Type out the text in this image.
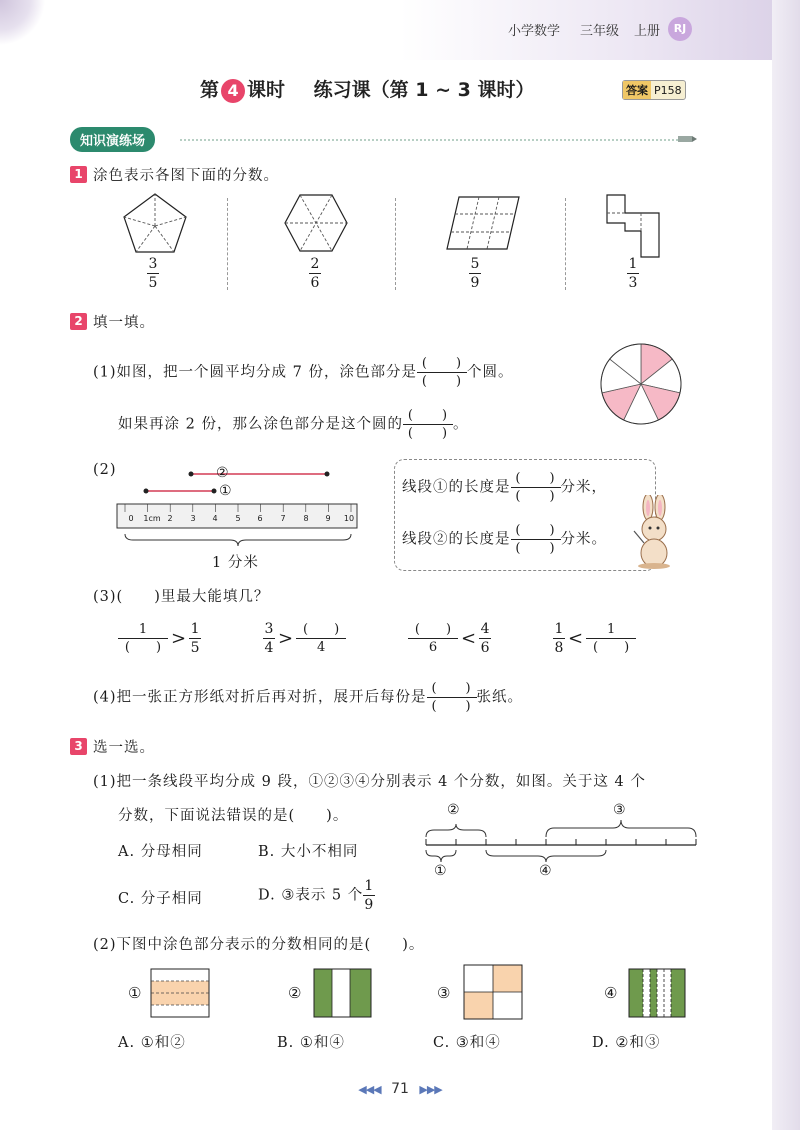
小学数学 三年级 上册	RJ
第 4 课时 练习课（第 1 ~ 3 课时）	答案 P158
知识演练场
1 涂色表示各图下面的分数。
3
5
2
6
5
9
1
3
2 填一填。
(1)如图，把一个圆平均分成 7 份，涂色部分是 $\frac{( )}{( )}$ 个圆。
如果再涂 2 份，那么涂色部分是这个圆的 $\frac{( )}{( )}$ 。
(2)	②
①
0	1cm 2	3	4	5	6	7	8	9	10
1 分米
线段①的长度是 $\frac{( )}{( )}$ 分米，
线段②的长度是 $\frac{( )}{( )}$ 分米。
(3)(　　)里最大能填几？
$\frac{1}{( )} > \frac{1}{5}$	$\frac{3}{4} > \frac{( )}{4}$	$\frac{( )}{6} < \frac{4}{6}$	$\frac{1}{8} < \frac{1}{( )}$
(4)把一张正方形纸对折后再对折，展开后每份是 $\frac{( )}{( )}$ 张纸。
3 选一选。
(1)把一条线段平均分成 9 段，①②③④分别表示 4 个分数，如图。关于这 4 个
分数，下面说法错误的是(　　)。
A. 分母相同	B. 大小不相同
C. 分子相同	D. ③表示 5 个 $\frac{1}{9}$
②	③
①	④
(2)下图中涂色部分表示的分数相同的是(　　)。
①	②	③	④
A. ①和②	B. ①和④	C. ③和④	D. ②和③
◀◀◀ 71 ▶▶▶
